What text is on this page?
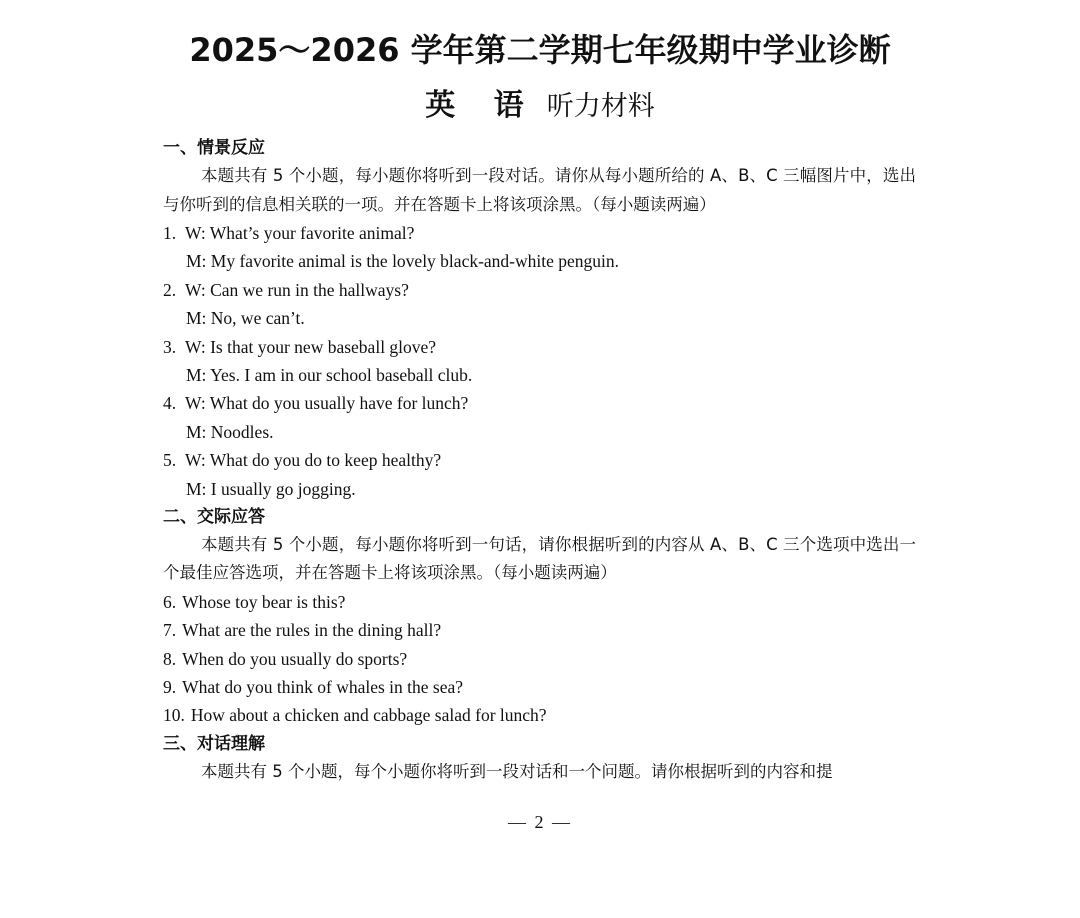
2025～2026 学年第二学期七年级期中学业诊断
英 语 听力材料
一、情景反应
本题共有 5 个小题，每小题你将听到一段对话。请你从每小题所给的 A、B、C 三幅图片中，选出与你听到的信息相关联的一项。并在答题卡上将该项涂黑。（每小题读两遍）
1. W: What’s your favorite animal?
M: My favorite animal is the lovely black-and-white penguin.
2. W: Can we run in the hallways?
M: No, we can’t.
3. W: Is that your new baseball glove?
M: Yes. I am in our school baseball club.
4. W: What do you usually have for lunch?
M: Noodles.
5. W: What do you do to keep healthy?
M: I usually go jogging.
二、交际应答
本题共有 5 个小题，每小题你将听到一句话，请你根据听到的内容从 A、B、C 三个选项中选出一个最佳应答选项，并在答题卡上将该项涂黑。（每小题读两遍）
6. Whose toy bear is this?
7. What are the rules in the dining hall?
8. When do you usually do sports?
9. What do you think of whales in the sea?
10. How about a chicken and cabbage salad for lunch?
三、对话理解
本题共有 5 个小题，每个小题你将听到一段对话和一个问题。请你根据听到的内容和提
— 2 —
